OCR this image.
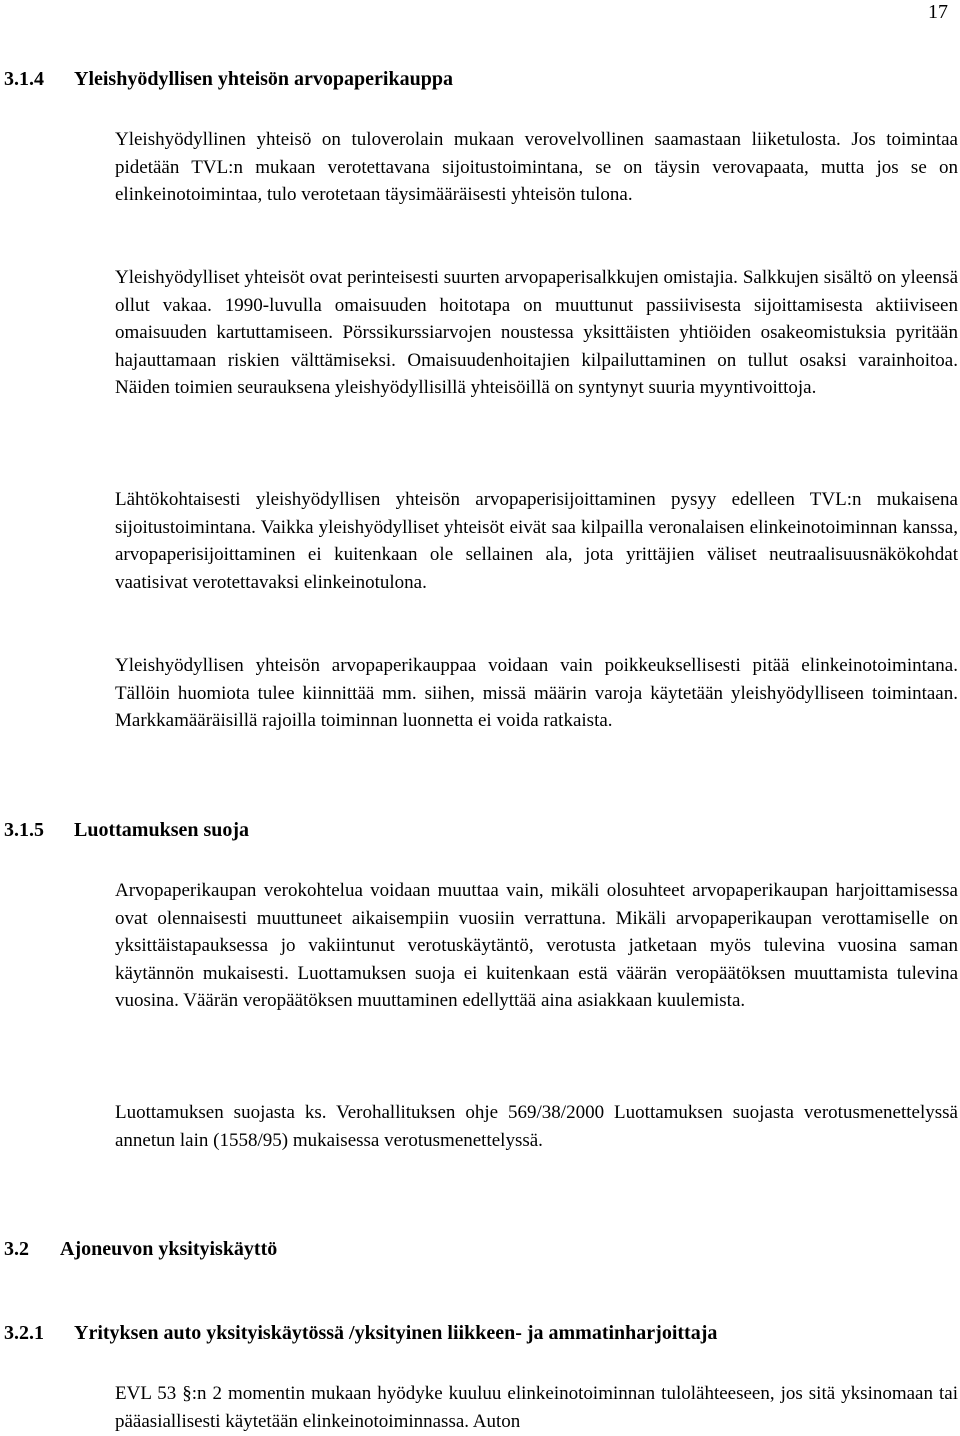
17
3.1.4 Yleishyödyllisen yhteisön arvopaperikauppa

Yleishyödyllinen yhteisö on tuloverolain mukaan verovelvollinen saamastaan liiketulosta. Jos toimintaa pidetään TVL:n mukaan verotettavana sijoitustoimintana, se on täysin verovapaata, mutta jos se on elinkeinotoimintaa, tulo verotetaan täysimääräisesti yhteisön tulona.

Yleishyödylliset yhteisöt ovat perinteisesti suurten arvopaperisalkkujen omistajia. Salkkujen sisältö on yleensä ollut vakaa. 1990-luvulla omaisuuden hoitotapa on muuttunut passiivisesta sijoittamisesta aktiiviseen omaisuuden kartuttamiseen. Pörssikurssiarvojen noustessa yksittäisten yhtiöiden osakeomistuksia pyritään hajauttamaan riskien välttämiseksi. Omaisuudenhoitajien kilpailuttaminen on tullut osaksi varainhoitoa. Näiden toimien seurauksena yleishyödyllisillä yhteisöillä on syntynyt suuria myyntivoittoja.

Lähtökohtaisesti yleishyödyllisen yhteisön arvopaperisijoittaminen pysyy edelleen TVL:n mukaisena sijoitustoimintana. Vaikka yleishyödylliset yhteisöt eivät saa kilpailla veronalaisen elinkeinotoiminnan kanssa, arvopaperisijoittaminen ei kuitenkaan ole sellainen ala, jota yrittäjien väliset neutraalisuusnäkökohdat vaatisivat verotettavaksi elinkeinotulona.

Yleishyödyllisen yhteisön arvopaperikauppaa voidaan vain poikkeuksellisesti pitää elinkeinotoimintana. Tällöin huomiota tulee kiinnittää mm. siihen, missä määrin varoja käytetään yleishyödylliseen toimintaan. Markkamääräisillä rajoilla toiminnan luonnetta ei voida ratkaista.

3.1.5 Luottamuksen suoja

Arvopaperikaupan verokohtelua voidaan muuttaa vain, mikäli olosuhteet arvopaperikaupan harjoittamisessa ovat olennaisesti muuttuneet aikaisempiin vuosiin verrattuna. Mikäli arvopaperikaupan verottamiselle on yksittäistapauksessa jo vakiintunut verotuskäytäntö, verotusta jatketaan myös tulevina vuosina saman käytännön mukaisesti. Luottamuksen suoja ei kuitenkaan estä väärän veropäätöksen muuttamista tulevina vuosina. Väärän veropäätöksen muuttaminen edellyttää aina asiakkaan kuulemista.

Luottamuksen suojasta ks. Verohallituksen ohje 569/38/2000 Luottamuksen suojasta verotusmenettelyssä annetun lain (1558/95) mukaisessa verotusmenettelyssä.

3.2 Ajoneuvon yksityiskäyttö
3.2.1 Yrityksen auto yksityiskäytössä /yksityinen liikkeen- ja ammatinharjoittaja

EVL 53 §:n 2 momentin mukaan hyödyke kuuluu elinkeinotoiminnan tulolähteeseen, jos sitä yksinomaan tai pääasiallisesti käytetään elinkeinotoiminnassa. Auton
